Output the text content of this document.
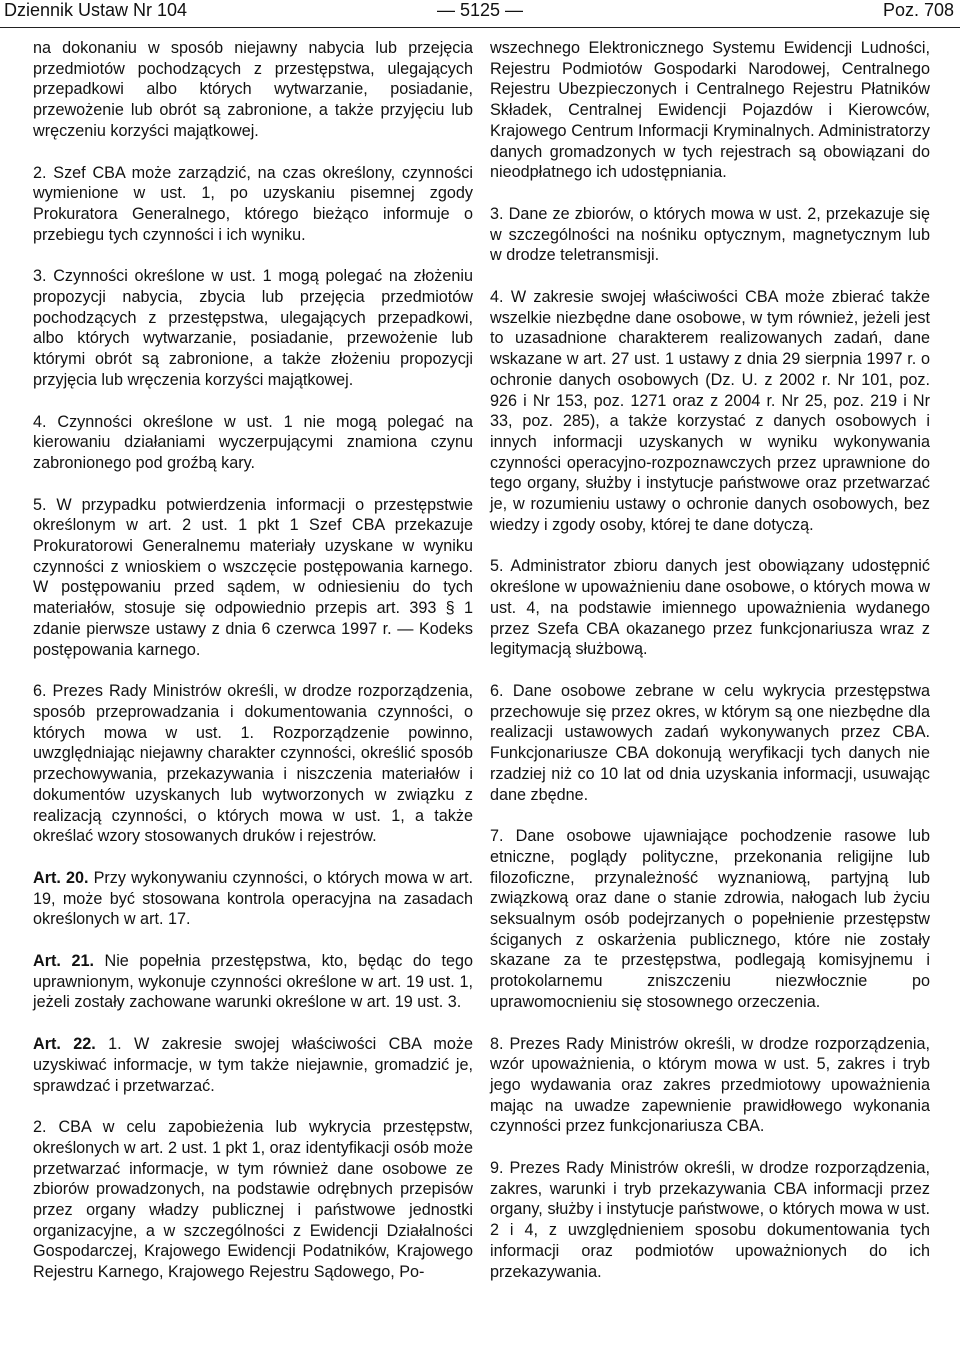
Dziennik Ustaw Nr 104	— 5125 —	Poz. 708

na dokonaniu w sposób niejawny nabycia lub przejęcia przedmiotów pochodzących z przestępstwa, ulegających przepadkowi albo których wytwarzanie, posiadanie, przewożenie lub obrót są zabronione, a także przyjęciu lub wręczeniu korzyści majątkowej.

2. Szef CBA może zarządzić, na czas określony, czynności wymienione w ust. 1, po uzyskaniu pisemnej zgody Prokuratora Generalnego, którego bieżąco informuje o przebiegu tych czynności i ich wyniku.

3. Czynności określone w ust. 1 mogą polegać na złożeniu propozycji nabycia, zbycia lub przejęcia przedmiotów pochodzących z przestępstwa, ulegających przepadkowi, albo których wytwarzanie, posiadanie, przewożenie lub którymi obrót są zabronione, a także złożeniu propozycji przyjęcia lub wręczenia korzyści majątkowej.

4. Czynności określone w ust. 1 nie mogą polegać na kierowaniu działaniami wyczerpującymi znamiona czynu zabronionego pod groźbą kary.

5. W przypadku potwierdzenia informacji o przestępstwie określonym w art. 2 ust. 1 pkt 1 Szef CBA przekazuje Prokuratorowi Generalnemu materiały uzyskane w wyniku czynności z wnioskiem o wszczęcie postępowania karnego. W postępowaniu przed sądem, w odniesieniu do tych materiałów, stosuje się odpowiednio przepis art. 393 § 1 zdanie pierwsze ustawy z dnia 6 czerwca 1997 r. — Kodeks postępowania karnego.

6. Prezes Rady Ministrów określi, w drodze rozporządzenia, sposób przeprowadzania i dokumentowania czynności, o których mowa w ust. 1. Rozporządzenie powinno, uwzględniając niejawny charakter czynności, określić sposób przechowywania, przekazywania i niszczenia materiałów i dokumentów uzyskanych lub wytworzonych w związku z realizacją czynności, o których mowa w ust. 1, a także określać wzory stosowanych druków i rejestrów.

Art. 20. Przy wykonywaniu czynności, o których mowa w art. 19, może być stosowana kontrola operacyjna na zasadach określonych w art. 17.

Art. 21. Nie popełnia przestępstwa, kto, będąc do tego uprawnionym, wykonuje czynności określone w art. 19 ust. 1, jeżeli zostały zachowane warunki określone w art. 19 ust. 3.

Art. 22. 1. W zakresie swojej właściwości CBA może uzyskiwać informacje, w tym także niejawnie, gromadzić je, sprawdzać i przetwarzać.

2. CBA w celu zapobieżenia lub wykrycia przestępstw, określonych w art. 2 ust. 1 pkt 1, oraz identyfikacji osób może przetwarzać informacje, w tym również dane osobowe ze zbiorów prowadzonych, na podstawie odrębnych przepisów przez organy władzy publicznej i państwowe jednostki organizacyjne, a w szczególności z Ewidencji Działalności Gospodarczej, Krajowego Ewidencji Podatników, Krajowego Rejestru Karnego, Krajowego Rejestru Sądowego, Po-

wszechnego Elektronicznego Systemu Ewidencji Ludności, Rejestru Podmiotów Gospodarki Narodowej, Centralnego Rejestru Ubezpieczonych i Centralnego Rejestru Płatników Składek, Centralnej Ewidencji Pojazdów i Kierowców, Krajowego Centrum Informacji Kryminalnych. Administratorzy danych gromadzonych w tych rejestrach są obowiązani do nieodpłatnego ich udostępniania.

3. Dane ze zbiorów, o których mowa w ust. 2, przekazuje się w szczególności na nośniku optycznym, magnetycznym lub w drodze teletransmisji.

4. W zakresie swojej właściwości CBA może zbierać także wszelkie niezbędne dane osobowe, w tym również, jeżeli jest to uzasadnione charakterem realizowanych zadań, dane wskazane w art. 27 ust. 1 ustawy z dnia 29 sierpnia 1997 r. o ochronie danych osobowych (Dz. U. z 2002 r. Nr 101, poz. 926 i Nr 153, poz. 1271 oraz z 2004 r. Nr 25, poz. 219 i Nr 33, poz. 285), a także korzystać z danych osobowych i innych informacji uzyskanych w wyniku wykonywania czynności operacyjno-rozpoznawczych przez uprawnione do tego organy, służby i instytucje państwowe oraz przetwarzać je, w rozumieniu ustawy o ochronie danych osobowych, bez wiedzy i zgody osoby, której te dane dotyczą.

5. Administrator zbioru danych jest obowiązany udostępnić określone w upoważnieniu dane osobowe, o których mowa w ust. 4, na podstawie imiennego upoważnienia wydanego przez Szefa CBA okazanego przez funkcjonariusza wraz z legitymacją służbową.

6. Dane osobowe zebrane w celu wykrycia przestępstwa przechowuje się przez okres, w którym są one niezbędne dla realizacji ustawowych zadań wykonywanych przez CBA. Funkcjonariusze CBA dokonują weryfikacji tych danych nie rzadziej niż co 10 lat od dnia uzyskania informacji, usuwając dane zbędne.

7. Dane osobowe ujawniające pochodzenie rasowe lub etniczne, poglądy polityczne, przekonania religijne lub filozoficzne, przynależność wyznaniową, partyjną lub związkową oraz dane o stanie zdrowia, nałogach lub życiu seksualnym osób podejrzanych o popełnienie przestępstw ściganych z oskarżenia publicznego, które nie zostały skazane za te przestępstwa, podlegają komisyjnemu i protokolarnemu zniszczeniu niezwłocznie po uprawomocnieniu się stosownego orzeczenia.

8. Prezes Rady Ministrów określi, w drodze rozporządzenia, wzór upoważnienia, o którym mowa w ust. 5, zakres i tryb jego wydawania oraz zakres przedmiotowy upoważnienia mając na uwadze zapewnienie prawidłowego wykonania czynności przez funkcjonariusza CBA.

9. Prezes Rady Ministrów określi, w drodze rozporządzenia, zakres, warunki i tryb przekazywania CBA informacji przez organy, służby i instytucje państwowe, o których mowa w ust. 2 i 4, z uwzględnieniem sposobu dokumentowania tych informacji oraz podmiotów upoważnionych do ich przekazywania.
